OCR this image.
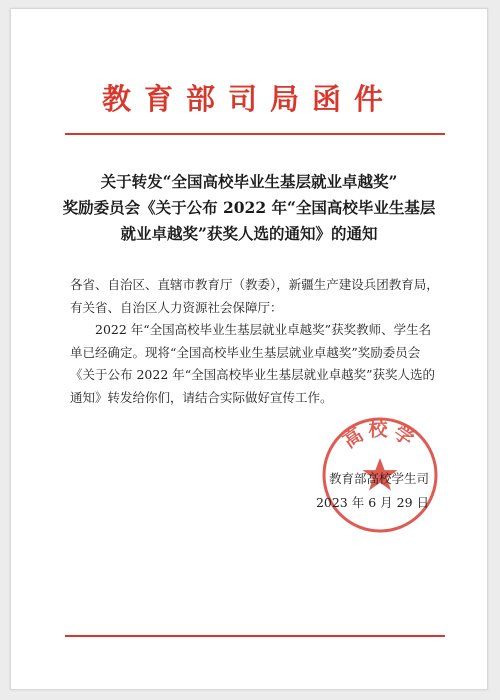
教育部司局函件
关于转发“全国高校毕业生基层就业卓越奖”
奖励委员会《关于公布 2022 年“全国高校毕业生基层
就业卓越奖”获奖人选的通知》的通知

各省、自治区、直辖市教育厅（教委），新疆生产建设兵团教育局，有关省、自治区人力资源社会保障厅：

2022 年“全国高校毕业生基层就业卓越奖”获奖教师、学生名单已经确定。现将“全国高校毕业生基层就业卓越奖”奖励委员会《关于公布 2022 年“全国高校毕业生基层就业卓越奖”获奖人选的通知》转发给你们，请结合实际做好宣传工作。

高校学
教育部高校学生司
2023 年 6 月 29 日
